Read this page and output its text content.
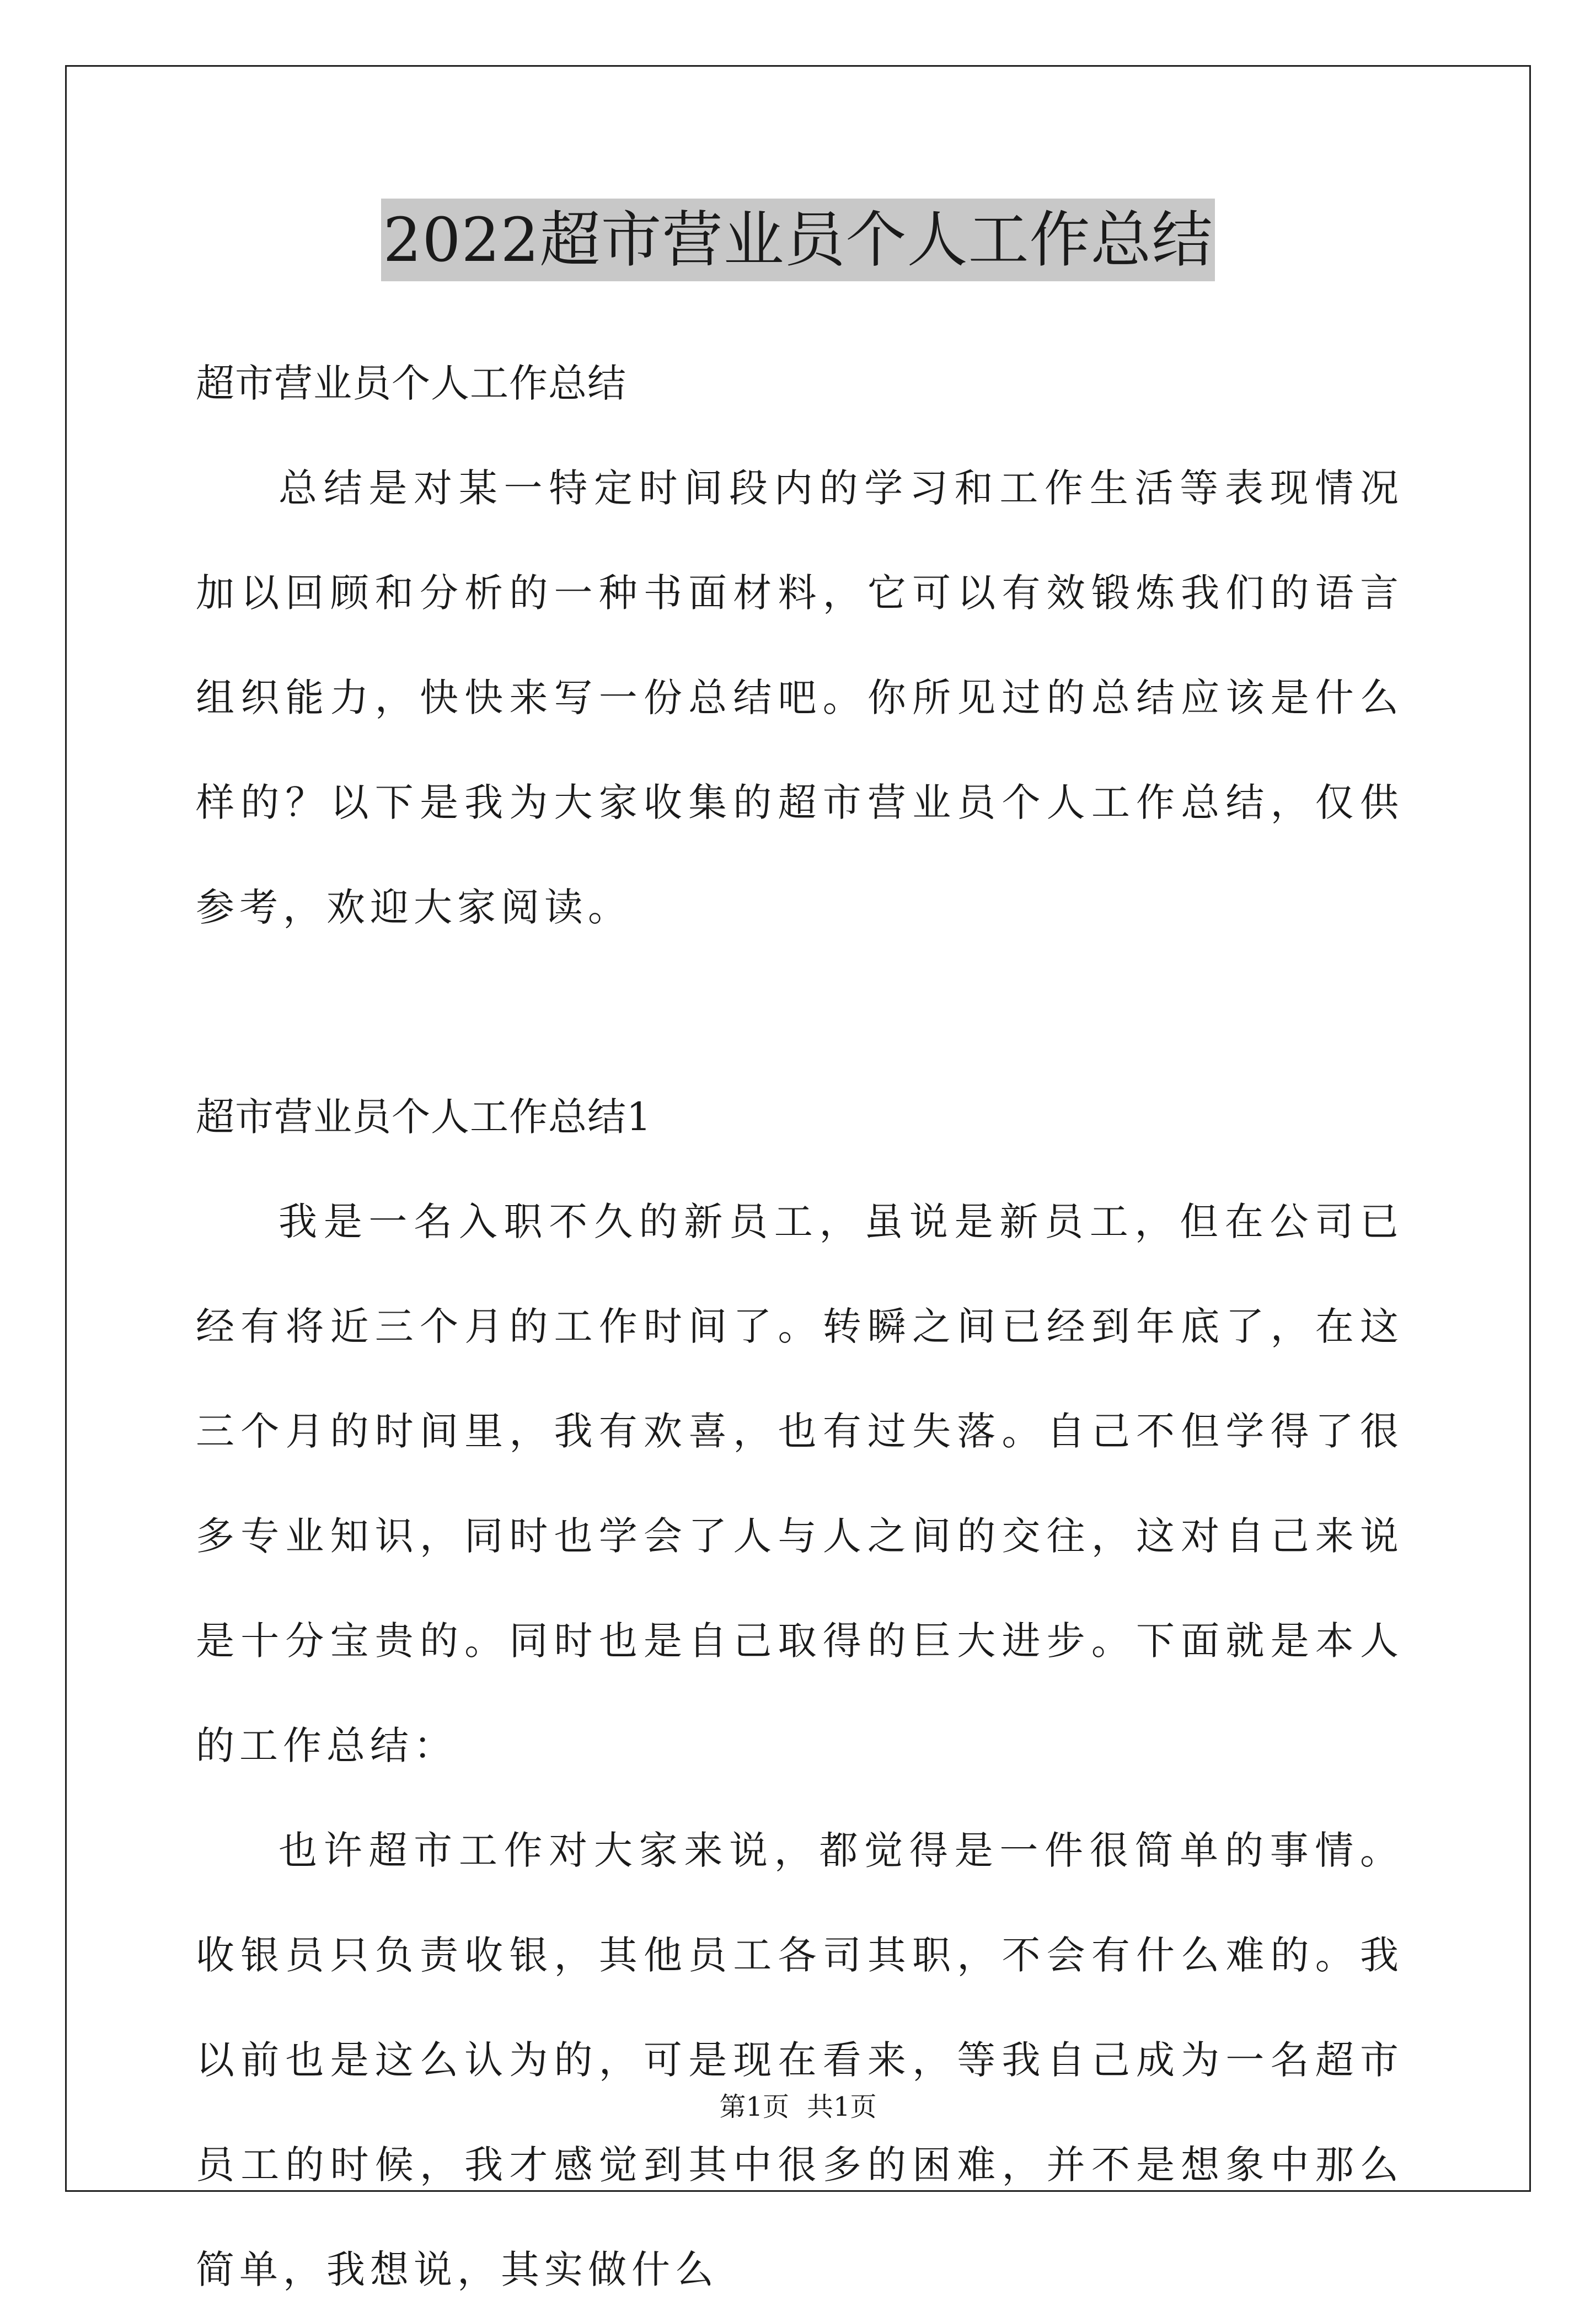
2022超市营业员个人工作总结

超市营业员个人工作总结

总结是对某一特定时间段内的学习和工作生活等表现情况加以回顾和分析的一种书面材料，它可以有效锻炼我们的语言组织能力，快快来写一份总结吧。你所见过的总结应该是什么样的？以下是我为大家收集的超市营业员个人工作总结，仅供参考，欢迎大家阅读。

超市营业员个人工作总结1

我是一名入职不久的新员工，虽说是新员工，但在公司已经有将近三个月的工作时间了。转瞬之间已经到年底了，在这三个月的时间里，我有欢喜，也有过失落。自己不但学得了很多专业知识，同时也学会了人与人之间的交往，这对自己来说是十分宝贵的。同时也是自己取得的巨大进步。下面就是本人的工作总结：

也许超市工作对大家来说，都觉得是一件很简单的事情。收银员只负责收银，其他员工各司其职，不会有什么难的。我以前也是这么认为的，可是现在看来，等我自己成为一名超市员工的时候，我才感觉到其中很多的困难，并不是想象中那么简单，我想说，其实做什么

第1页 共1页
